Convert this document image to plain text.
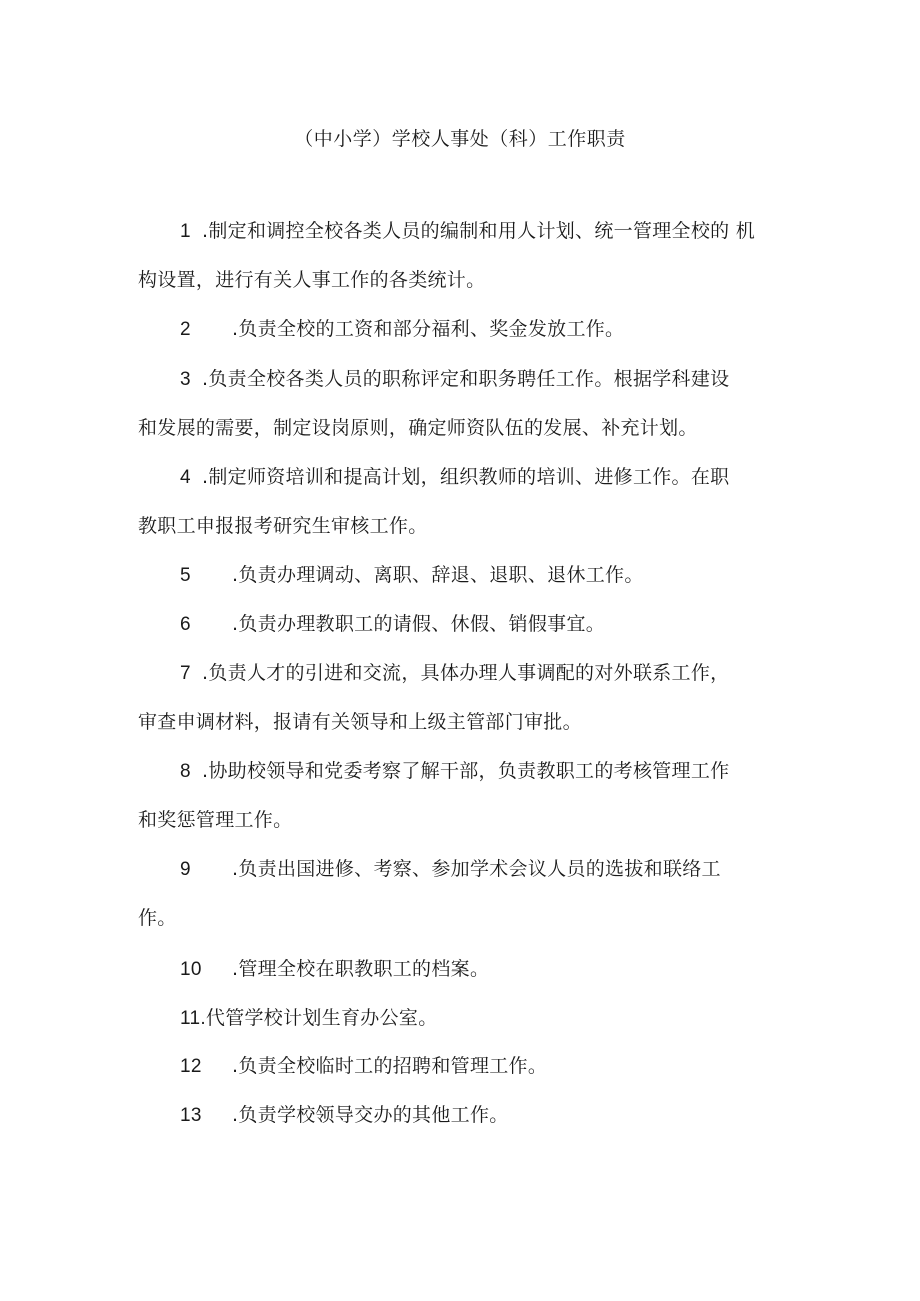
（中小学）学校人事处（科）工作职责
1 .制定和调控全校各类人员的编制和用人计划、统一管理全校的 机
构设置，进行有关人事工作的各类统计。
2 .负责全校的工资和部分福利、奖金发放工作。
3 .负责全校各类人员的职称评定和职务聘任工作。根据学科建设
和发展的需要，制定设岗原则，确定师资队伍的发展、补充计划。
4 .制定师资培训和提高计划，组织教师的培训、进修工作。在职
教职工申报报考研究生审核工作。
5 .负责办理调动、离职、辞退、退职、退休工作。
6 .负责办理教职工的请假、休假、销假事宜。
7 .负责人才的引进和交流，具体办理人事调配的对外联系工作，
审查申调材料，报请有关领导和上级主管部门审批。
8 .协助校领导和党委考察了解干部，负责教职工的考核管理工作
和奖惩管理工作。
9 .负责出国进修、考察、参加学术会议人员的选拔和联络工
作。
10 .管理全校在职教职工的档案。
11.代管学校计划生育办公室。
12 .负责全校临时工的招聘和管理工作。
13 .负责学校领导交办的其他工作。
